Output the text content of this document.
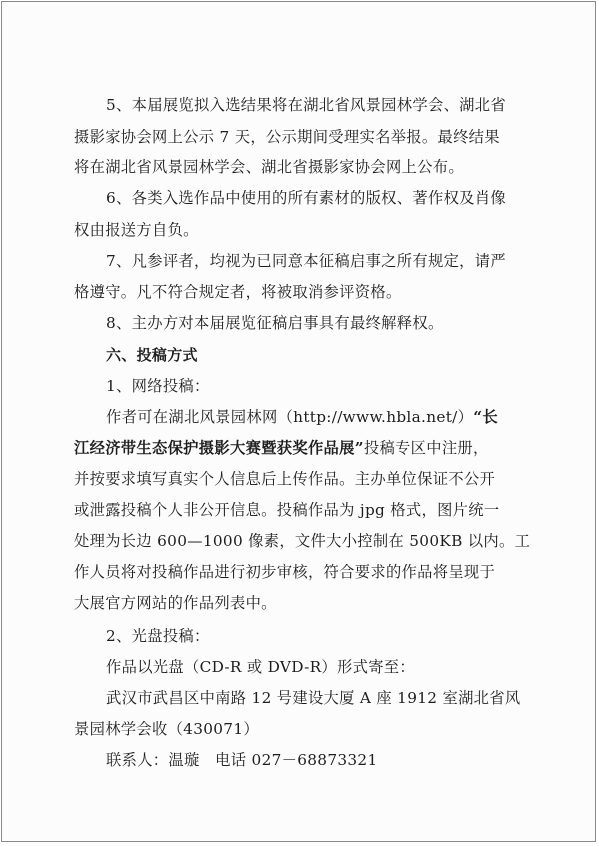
5、本届展览拟入选结果将在湖北省风景园林学会、湖北省
摄影家协会网上公示 7 天，公示期间受理实名举报。最终结果
将在湖北省风景园林学会、湖北省摄影家协会网上公布。
6、各类入选作品中使用的所有素材的版权、著作权及肖像
权由报送方自负。
7、凡参评者，均视为已同意本征稿启事之所有规定，请严
格遵守。凡不符合规定者，将被取消参评资格。
8、主办方对本届展览征稿启事具有最终解释权。
六、投稿方式
1、网络投稿：
作者可在湖北风景园林网（http://www.hbla.net/）“长
江经济带生态保护摄影大赛暨获奖作品展”投稿专区中注册，
并按要求填写真实个人信息后上传作品。主办单位保证不公开
或泄露投稿个人非公开信息。投稿作品为 jpg 格式，图片统一
处理为长边 600—1000 像素，文件大小控制在 500KB 以内。工
作人员将对投稿作品进行初步审核，符合要求的作品将呈现于
大展官方网站的作品列表中。
2、光盘投稿：
作品以光盘（CD-R 或 DVD-R）形式寄至：
武汉市武昌区中南路 12 号建设大厦 A 座 1912 室湖北省风
景园林学会收（430071）
联系人：温璇　电话 027－68873321
